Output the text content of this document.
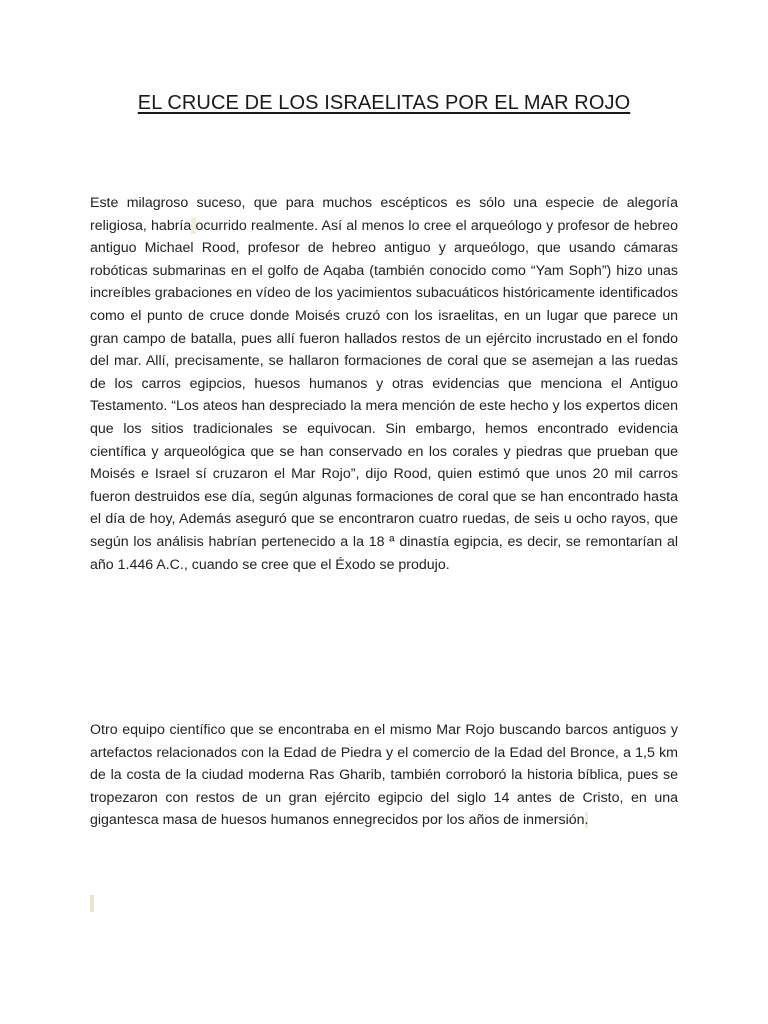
EL CRUCE DE LOS ISRAELITAS POR EL MAR ROJO

Este milagroso suceso, que para muchos escépticos es sólo una especie de alegoría religiosa, habría ocurrido realmente. Así al menos lo cree el arqueólogo y profesor de hebreo antiguo Michael Rood, profesor de hebreo antiguo y arqueólogo, que usando cámaras robóticas submarinas en el golfo de Aqaba (también conocido como “Yam Soph”) hizo unas increíbles grabaciones en vídeo de los yacimientos subacuáticos históricamente identificados como el punto de cruce donde Moisés cruzó con los israelitas, en un lugar que parece un gran campo de batalla, pues allí fueron hallados restos de un ejército incrustado en el fondo del mar. Allí, precisamente, se hallaron formaciones de coral que se asemejan a las ruedas de los carros egipcios, huesos humanos y otras evidencias que menciona el Antiguo Testamento. “Los ateos han despreciado la mera mención de este hecho y los expertos dicen que los sitios tradicionales se equivocan. Sin embargo, hemos encontrado evidencia científica y arqueológica que se han conservado en los corales y piedras que prueban que Moisés e Israel sí cruzaron el Mar Rojo”, dijo Rood, quien estimó que unos 20 mil carros fueron destruidos ese día, según algunas formaciones de coral que se han encontrado hasta el día de hoy, Además aseguró que se encontraron cuatro ruedas, de seis u ocho rayos, que según los análisis habrían pertenecido a la 18 ª dinastía egipcia, es decir, se remontarían al año 1.446 A.C., cuando se cree que el Éxodo se produjo.

Otro equipo científico que se encontraba en el mismo Mar Rojo buscando barcos antiguos y artefactos relacionados con la Edad de Piedra y el comercio de la Edad del Bronce, a 1,5 km de la costa de la ciudad moderna Ras Gharib, también corroboró la historia bíblica, pues se tropezaron con restos de un gran ejército egipcio del siglo 14 antes de Cristo, en una gigantesca masa de huesos humanos ennegrecidos por los años de inmersión.
